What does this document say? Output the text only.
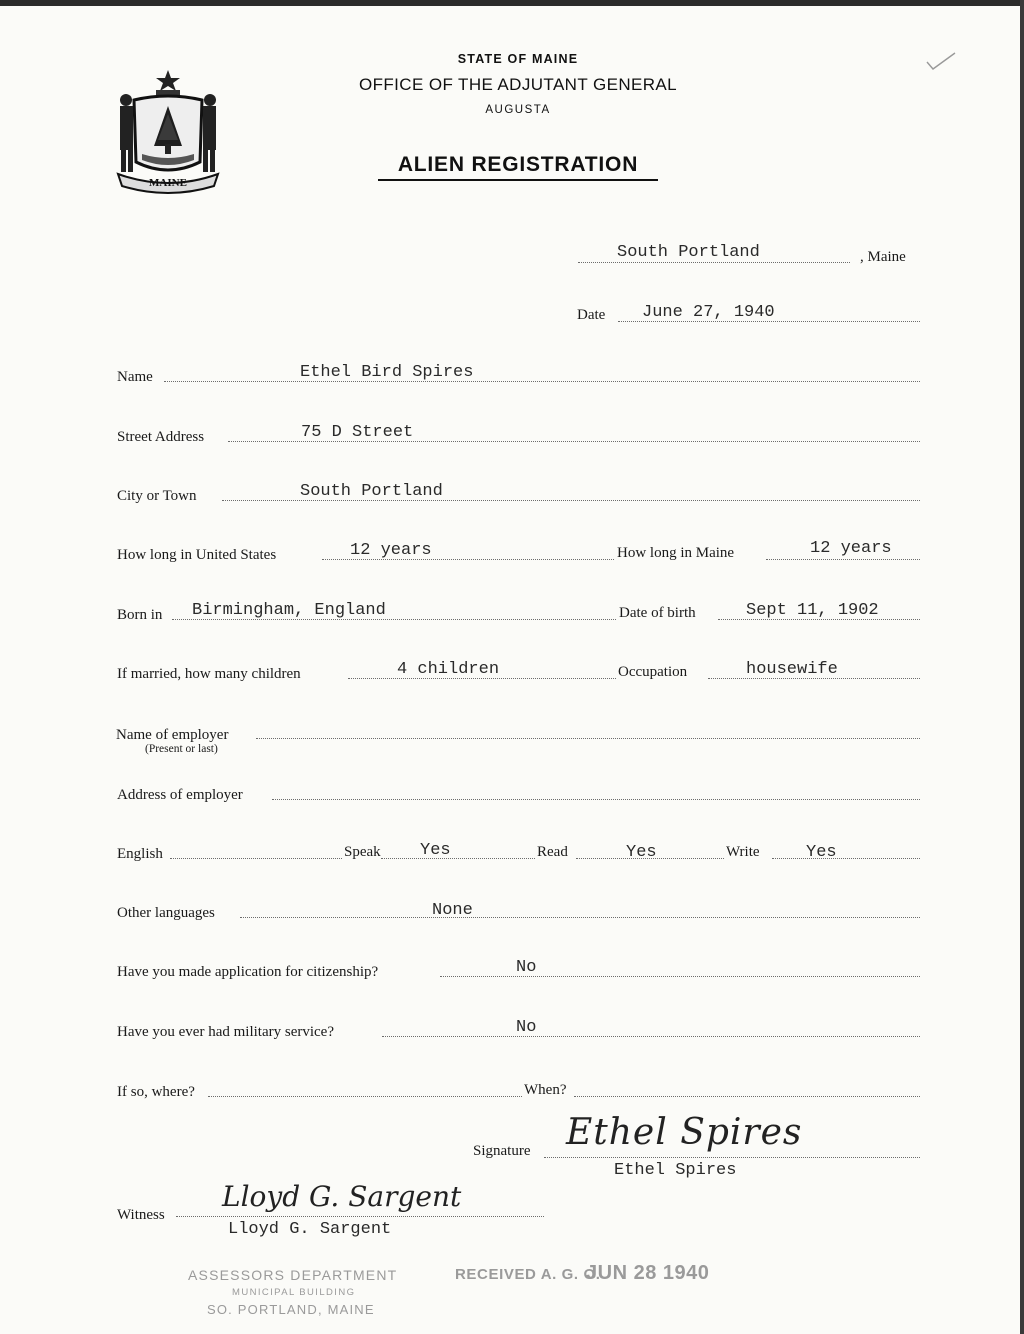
MAINE
STATE OF MAINE
OFFICE OF THE ADJUTANT GENERAL
AUGUSTA
ALIEN REGISTRATION
South Portland	, Maine
Date June 27, 1940
Name	Ethel Bird Spires
Street Address	75 D Street
City or Town	South Portland
How long in United States	12 years	How long in Maine	12 years
Born in Birmingham, England	Date of birth	Sept 11, 1902
If married, how many children	4 children	Occupation	housewife
Name of employer
(Present or last)
Address of employer
English	Speak Yes	Read	Yes	Write	Yes
Other languages	None
Have you made application for citizenship?	No
Have you ever had military service?	No
If so, where?	When?
Signature Ethel Spires
Ethel Spires
Witness
Lloyd G. Sargent
Lloyd G. Sargent
ASSESSORS DEPARTMENT
MUNICIPAL BUILDING
SO. PORTLAND, MAINE
RECEIVED A. G. O.
JUN 28 1940
